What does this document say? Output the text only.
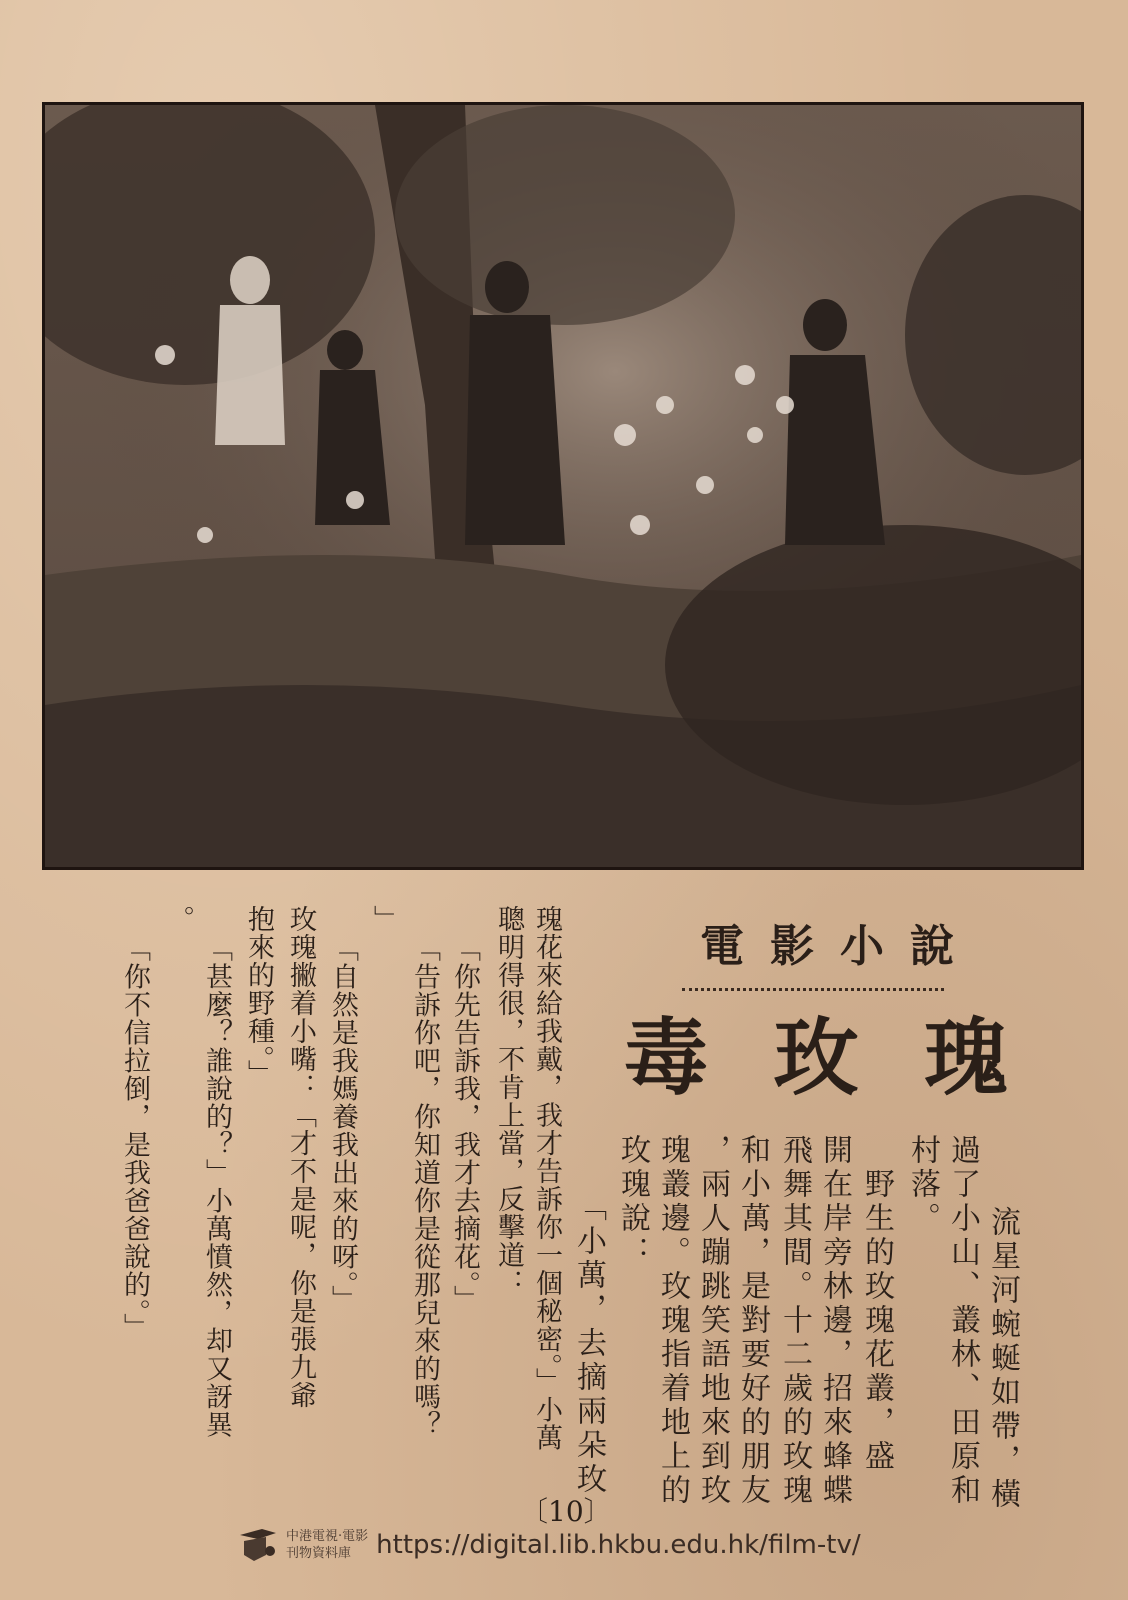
電影小說
毒玫瑰
　流星河蜿蜒如帶，橫
過了小山、叢林、田原和
村落。
　野生的玫瑰花叢，盛
開在岸旁林邊，招來蜂蝶
飛舞其間。十二歲的玫瑰
和小萬，是對要好的朋友
，兩人蹦跳笑語地來到玫
瑰叢邊。玫瑰指着地上的
玫瑰說：
　「小萬，去摘兩朵玫
瑰花來給我戴，我才告訴你一個秘密。」小萬
聰明得很，不肯上當，反擊道：
　「你先告訴我，我才去摘花。」
　「告訴你吧，你知道你是從那兒來的嗎？
」
　「自然是我媽養我出來的呀。」
玫瑰撇着小嘴：「才不是呢，你是張九爺
抱來的野種。」
　「甚麼？誰說的？」小萬憤然，却又訝異
。
　「你不信拉倒，是我爸爸說的。」
〔10〕
中港電視·電影
刊物資料庫 https://digital.lib.hkbu.edu.hk/film-tv/
